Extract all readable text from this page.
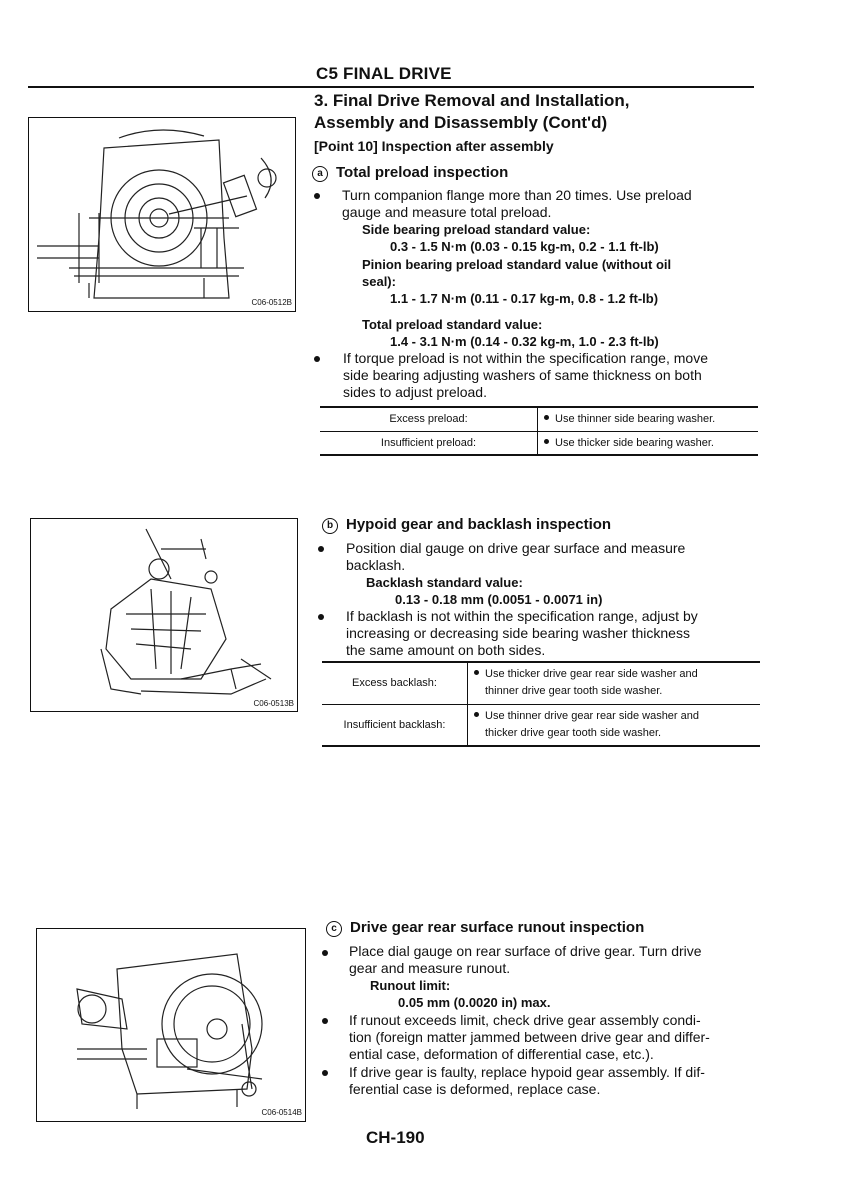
C5 FINAL DRIVE
3. Final Drive Removal and Installation,
Assembly and Disassembly (Cont'd)
[Point 10] Inspection after assembly
C06-0512B
a Total preload inspection
Turn companion flange more than 20 times. Use preload
gauge and measure total preload.
Side bearing preload standard value:
0.3 - 1.5 N·m (0.03 - 0.15 kg-m, 0.2 - 1.1 ft-lb)
Pinion bearing preload standard value (without oil
seal):
1.1 - 1.7 N·m (0.11 - 0.17 kg-m, 0.8 - 1.2 ft-lb)
Total preload standard value:
1.4 - 3.1 N·m (0.14 - 0.32 kg-m, 1.0 - 2.3 ft-lb)
If torque preload is not within the specification range, move
side bearing adjusting washers of same thickness on both
sides to adjust preload.
Excess preload:	Use thinner side bearing washer.
Insufficient preload:	Use thicker side bearing washer.
C06-0513B
b Hypoid gear and backlash inspection
Position dial gauge on drive gear surface and measure
backlash.
Backlash standard value:
0.13 - 0.18 mm (0.0051 - 0.0071 in)
If backlash is not within the specification range, adjust by
increasing or decreasing side bearing washer thickness
the same amount on both sides.
Excess backlash:	Use thicker drive gear rear side washer and
thinner drive gear tooth side washer.
Insufficient backlash:	Use thinner drive gear rear side washer and
thicker drive gear tooth side washer.
C06-0514B
c Drive gear rear surface runout inspection
Place dial gauge on rear surface of drive gear. Turn drive
gear and measure runout.
Runout limit:
0.05 mm (0.0020 in) max.
If runout exceeds limit, check drive gear assembly condi-
tion (foreign matter jammed between drive gear and differ-
ential case, deformation of differential case, etc.).
If drive gear is faulty, replace hypoid gear assembly. If dif-
ferential case is deformed, replace case.
CH-190
